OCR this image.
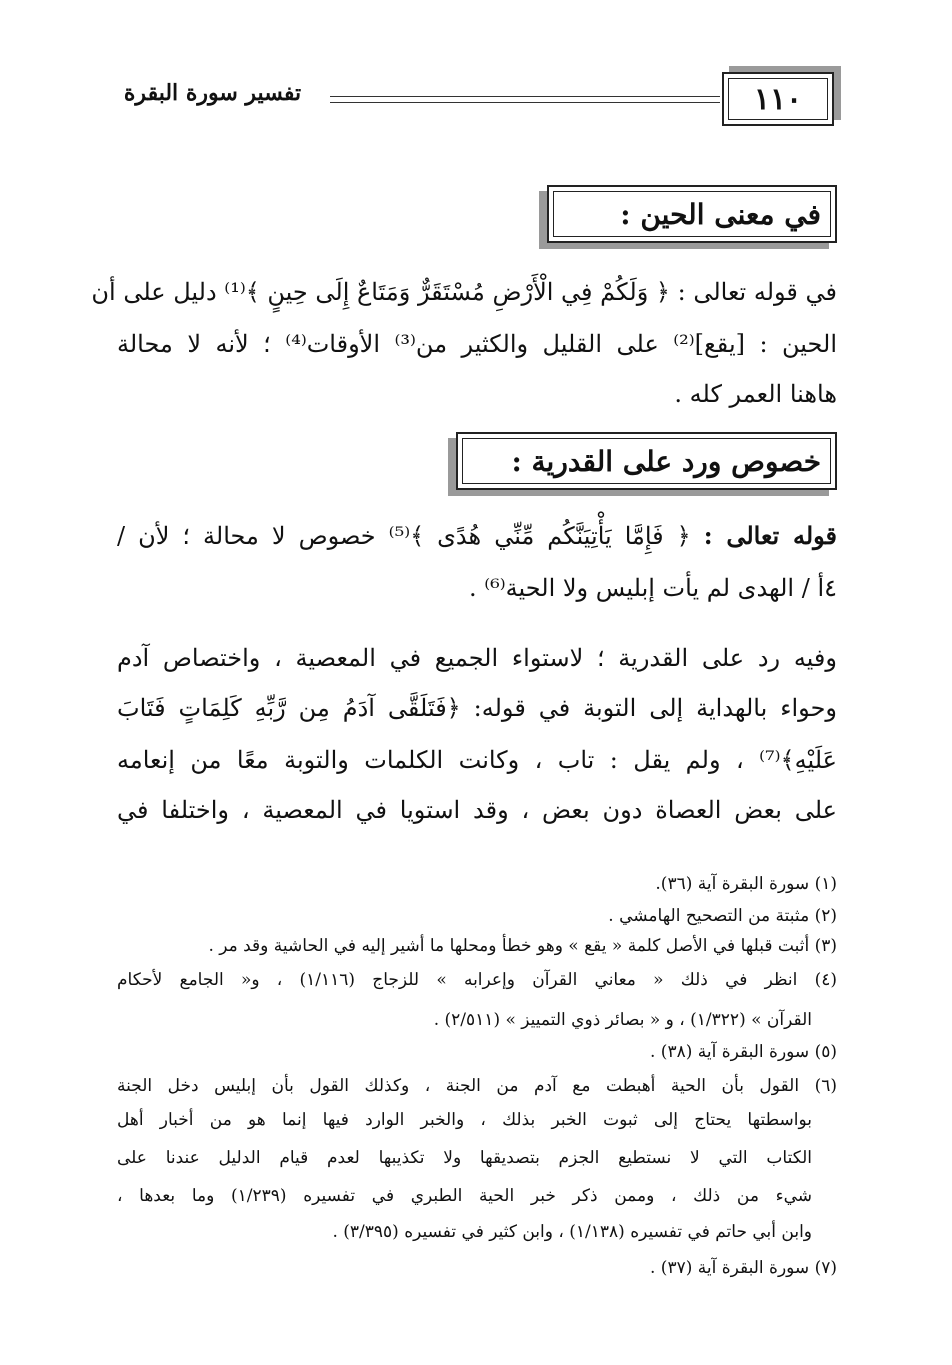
١١٠
تفسير سورة البقرة
في معنى الحين :
في قوله تعالى : ﴿ وَلَكُمْ فِي الْأَرْضِ مُسْتَقَرٌّ وَمَتَاعٌ إِلَى حِينٍ ﴾⁽¹⁾ دليل على أن
الحين : [يقع]⁽²⁾ على القليل والكثير من⁽³⁾ الأوقات⁽⁴⁾ ؛ لأنه لا محالة
هاهنا العمر كله .
خصوص ورد على القدرية :
قوله تعالى : ﴿ فَإِمَّا يَأْتِيَنَّكُم مِّنِّي هُدًى ﴾⁽⁵⁾ خصوص لا محالة ؛ لأن /
٤أ / الهدى لم يأت إبليس ولا الحية⁽⁶⁾ .
وفيه رد على القدرية ؛ لاستواء الجميع في المعصية ، واختصاص آدم
وحواء بالهداية إلى التوبة في قوله: ﴿فَتَلَقَّى آدَمُ مِن رَّبِّهِ كَلِمَاتٍ فَتَابَ
عَلَيْهِ﴾⁽⁷⁾ ، ولم يقل : تاب ، وكانت الكلمات والتوبة معًا من إنعامه
على بعض العصاة دون بعض ، وقد استويا في المعصية ، واختلفا في
(١) سورة البقرة آية (٣٦).
(٢) مثبتة من التصحيح الهامشي .
(٣) أثبت قبلها في الأصل كلمة « يقع » وهو خطأ ومحلها ما أشير إليه في الحاشية وقد مر .
(٤) انظر في ذلك « معاني القرآن وإعرابه » للزجاج (١/١١٦) ، و« الجامع لأحكام
القرآن » (١/٣٢٢) ، و « بصائر ذوي التمييز » (٢/٥١١) .
(٥) سورة البقرة آية (٣٨) .
(٦) القول بأن الحية أهبطت مع آدم من الجنة ، وكذلك القول بأن إبليس دخل الجنة
بواسطتها يحتاج إلى ثبوت الخبر بذلك ، والخبر الوارد فيها إنما هو من أخبار أهل
الكتاب التي لا نستطيع الجزم بتصديقها ولا تكذيبها لعدم قيام الدليل عندنا على
شيء من ذلك ، وممن ذكر خبر الحية الطبري في تفسيره (١/٢٣٩) وما بعدها ،
وابن أبي حاتم في تفسيره (١/١٣٨) ، وابن كثير في تفسيره (٣/٣٩٥) .
(٧) سورة البقرة آية (٣٧) .
